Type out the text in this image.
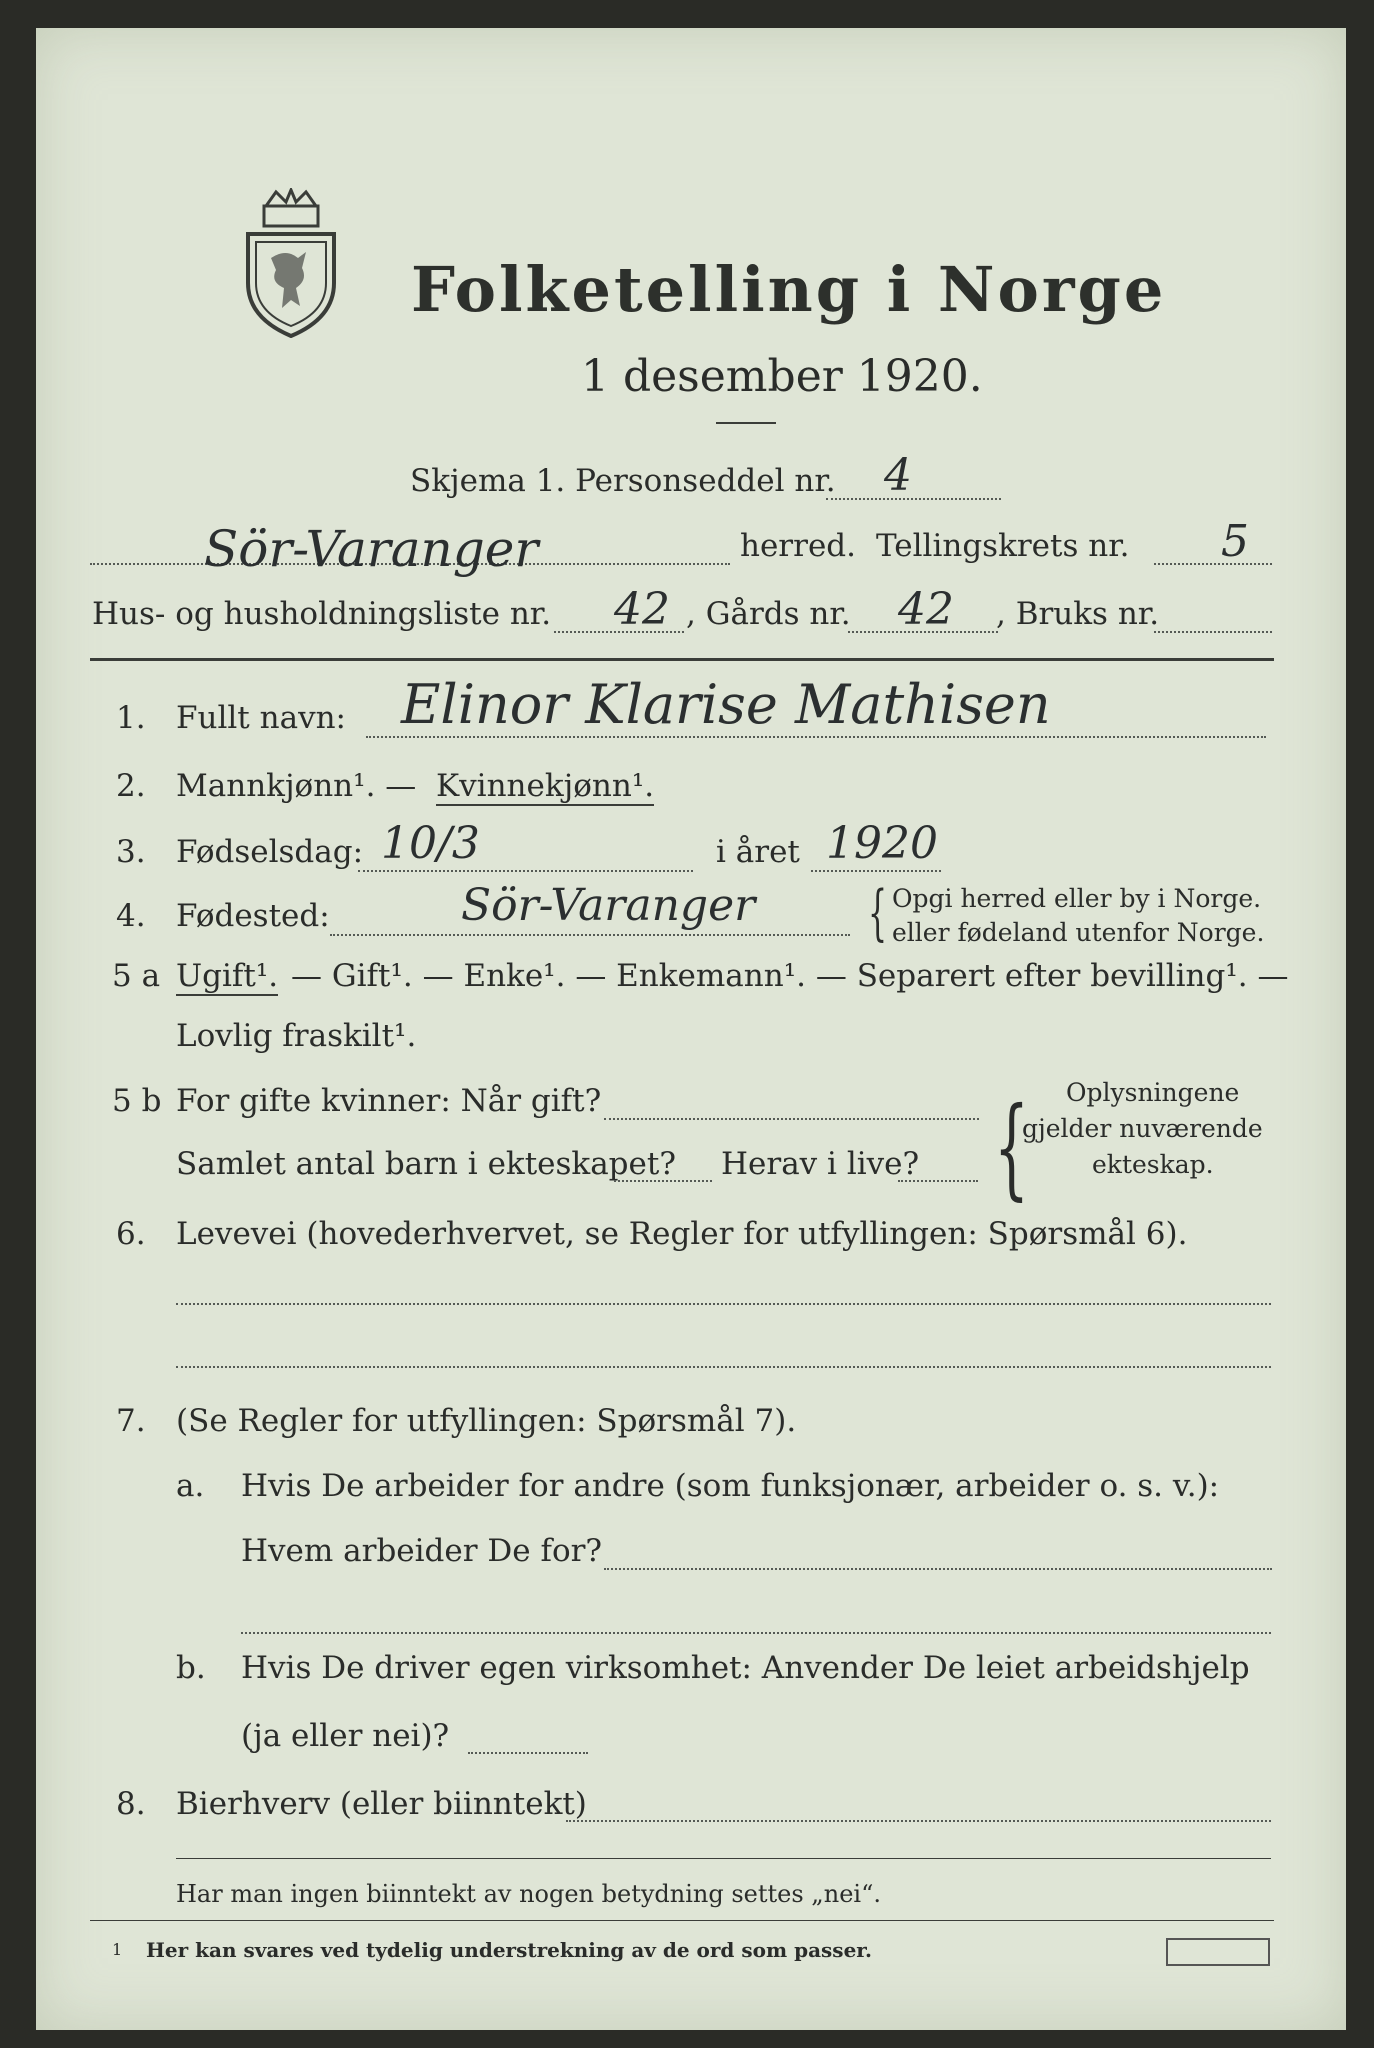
Folketelling i Norge
1 desember 1920.
Skjema 1. Personseddel nr. 4
Sör-Varanger	herred. Tellingskrets nr. 5
Hus- og husholdningsliste nr. 42 , Gårds nr. 42 , Bruks nr.
1. Fullt navn: Elinor Klarise Mathisen
2. Mannkjønn¹. — Kvinnekjønn¹.
3. Fødselsdag: 10/3	i året 1920
4. Fødested:	Sör-Varanger { Opgi herred eller by i Norge.
eller fødeland utenfor Norge.
5 a Ugift¹. — Gift¹. — Enke¹. — Enkemann¹. — Separert efter bevilling¹. —
Lovlig fraskilt¹.
5 b For gifte kvinner: Når gift?
Samlet antal barn i ekteskapet? Herav i live? { Oplysningene
gjelder nuværende
ekteskap.
6. Levevei (hovederhvervet, se Regler for utfyllingen: Spørsmål 6).
7. (Se Regler for utfyllingen: Spørsmål 7).
a. Hvis De arbeider for andre (som funksjonær, arbeider o. s. v.):
Hvem arbeider De for?
b. Hvis De driver egen virksomhet: Anvender De leiet arbeidshjelp
(ja eller nei)?
8. Bierhverv (eller biinntekt)
Har man ingen biinntekt av nogen betydning settes „nei“.
1 Her kan svares ved tydelig understrekning av de ord som passer.
